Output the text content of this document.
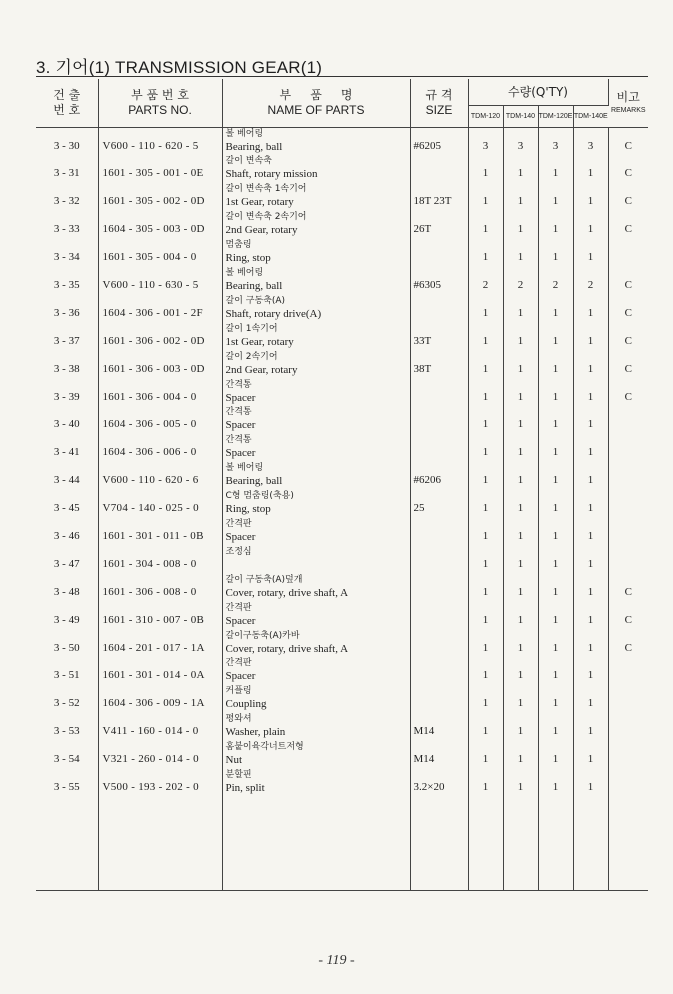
3. 기어(1) TRANSMISSION GEAR(1)
건 출
번 호	부 품 번 호
PARTS NO.	부     품     명
NAME OF PARTS	규 격
SIZE	수량(Q'TY)				비고
REMARKS

				TDM-120	TDM-140	TDM-120E	TDM-140E	
3 - 30	V600 - 110 - 620 - 5	볼 베어링
Bearing, ball	#6205	3	3	3	3	C
3 - 31	1601 - 305 - 001 - 0E	갈이 변속축
Shaft, rotary mission		1	1	1	1	C
3 - 32	1601 - 305 - 002 - 0D	갈이 변속축 1속기어
1st Gear, rotary	18T 23T	1	1	1	1	C
3 - 33	1604 - 305 - 003 - 0D	갈이 변속축 2속기어
2nd Gear, rotary	26T	1	1	1	1	C
3 - 34	1601 - 305 - 004 - 0	멈춤링
Ring, stop		1	1	1	1	
3 - 35	V600 - 110 - 630 - 5	볼 베어링
Bearing, ball	#6305	2	2	2	2	C
3 - 36	1604 - 306 - 001 - 2F	갈이 구동축(A)
Shaft, rotary drive(A)		1	1	1	1	C
3 - 37	1601 - 306 - 002 - 0D	갈이 1속기어
1st Gear, rotary	33T	1	1	1	1	C
3 - 38	1601 - 306 - 003 - 0D	갈이 2속기어
2nd Gear, rotary	38T	1	1	1	1	C
3 - 39	1601 - 306 - 004 - 0	간격통
Spacer		1	1	1	1	C
3 - 40	1604 - 306 - 005 - 0	간격통
Spacer		1	1	1	1	
3 - 41	1604 - 306 - 006 - 0	간격통
Spacer		1	1	1	1	
3 - 44	V600 - 110 - 620 - 6	볼 베어링
Bearing, ball	#6206	1	1	1	1	
3 - 45	V704 - 140 - 025 - 0	C형 멈춤링(축용)
Ring, stop	25	1	1	1	1	
3 - 46	1601 - 301 - 011 - 0B	간격판
Spacer		1	1	1	1	
3 - 47	1601 - 304 - 008 - 0	조정심		1	1	1	1	
3 - 48	1601 - 306 - 008 - 0	갈이 구동축(A)덮개
Cover, rotary, drive shaft, A		1	1	1	1	C
3 - 49	1601 - 310 - 007 - 0B	간격판
Spacer		1	1	1	1	C
3 - 50	1604 - 201 - 017 - 1A	갈이구동축(A)카바
Cover, rotary, drive shaft, A		1	1	1	1	C
3 - 51	1601 - 301 - 014 - 0A	간격판
Spacer		1	1	1	1	
3 - 52	1604 - 306 - 009 - 1A	커플링
Coupling		1	1	1	1	
3 - 53	V411 - 160 - 014 - 0	평와셔
Washer, plain	M14	1	1	1	1	
3 - 54	V321 - 260 - 014 - 0	홈붙이육각너트저형
Nut	M14	1	1	1	1	
3 - 55	V500 - 193 - 202 - 0	분할핀
Pin, split	3.2×20	1	1	1	1	
- 119 -
